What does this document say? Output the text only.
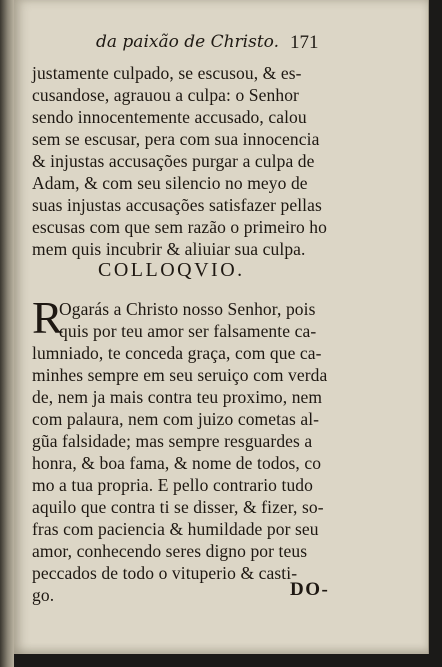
da paixão de Christo. 171
justamente culpado, se escusou, & es-
cusandose, agrauou a culpa: o Senhor
sendo innocentemente accusado, calou
sem se escusar, pera com sua innocencia
& injustas accusações purgar a culpa de
Adam, & com seu silencio no meyo de
suas injustas accusações satisfazer pellas
escusas com que sem razão o primeiro ho
mem quis incubrir & aliuiar sua culpa.
COLLOQVIO.
R
Ogarás a Christo nosso Senhor, pois
quis por teu amor ser falsamente ca-
lumniado, te conceda graça, com que ca-
minhes sempre em seu seruiço com verda
de, nem ja mais contra teu proximo, nem
com palaura, nem com juizo cometas al-
gũa falsidade; mas sempre resguardes a
honra, & boa fama, & nome de todos, co
mo a tua propria. E pello contrario tudo
aquilo que contra ti se disser, & fizer, so-
fras com paciencia & humildade por seu
amor, conhecendo seres digno por teus
peccados de todo o vituperio & casti-
go.	DO-
